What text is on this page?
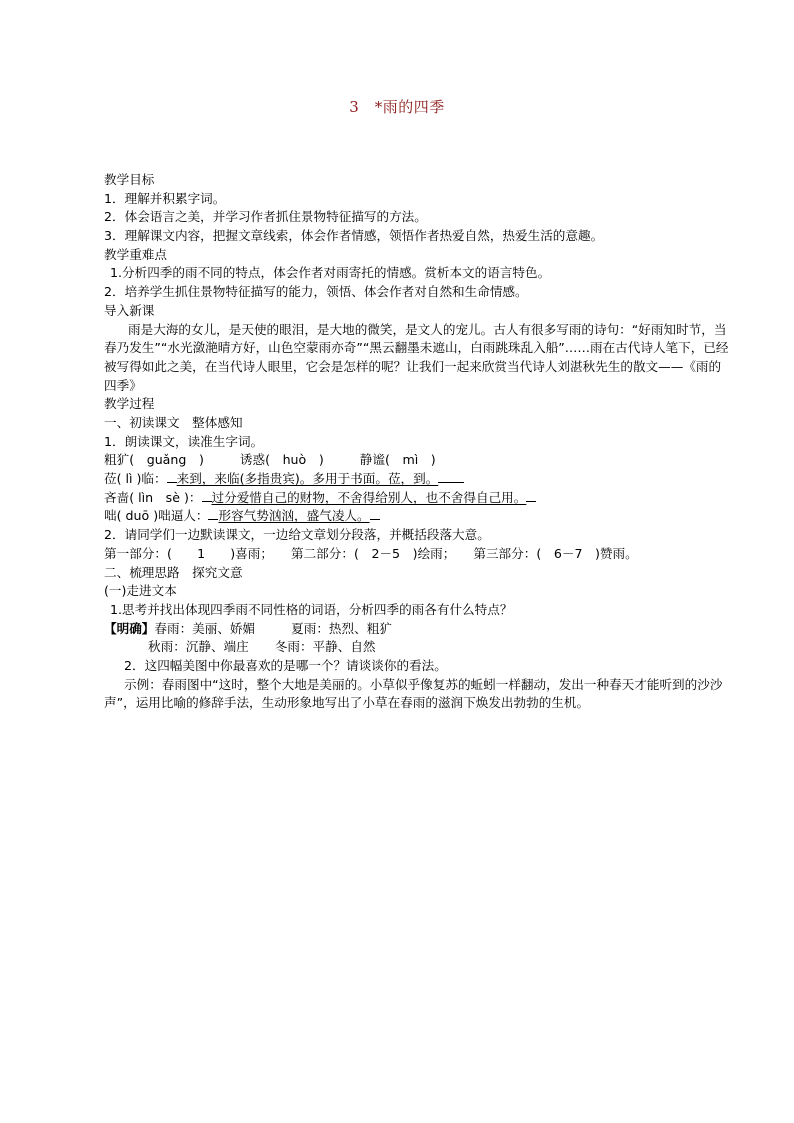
3　*雨的四季
教学目标
1．理解并积累字词。
2．体会语言之美，并学习作者抓住景物特征描写的方法。
3．理解课文内容，把握文章线索，体会作者情感，领悟作者热爱自然，热爱生活的意趣。
教学重难点
1.分析四季的雨不同的特点，体会作者对雨寄托的情感。赏析本文的语言特色。
2．培养学生抓住景物特征描写的能力，领悟、体会作者对自然和生命情感。
导入新课
雨是大海的女儿，是天使的眼泪，是大地的微笑，是文人的宠儿。古人有很多写雨的诗句：“好雨知时节，当春乃发生”“水光潋滟晴方好，山色空蒙雨亦奇”“黑云翻墨未遮山，白雨跳珠乱入船”……雨在古代诗人笔下，已经被写得如此之美，在当代诗人眼里，它会是怎样的呢？让我们一起来欣赏当代诗人刘湛秋先生的散文——《雨的四季》
教学过程
一、初读课文　整体感知
1．朗读课文，读准生字词。
粗犷(　guǎng　)	诱惑(　huò　)	静谧(　mì　)
莅( lì )临： 来到，来临(多指贵宾)。多用于书面。莅，到。
吝啬( lìn　sè )： 过分爱惜自己的财物，不舍得给别人，也不舍得自己用。
咄( duō )咄逼人： 形容气势汹汹，盛气凌人。
2．请同学们一边默读课文，一边给文章划分段落，并概括段落大意。
第一部分：(　　1　　)喜雨； 第二部分：(　2－5　)绘雨； 第三部分：(　6－7　)赞雨。
二、梳理思路　探究文意
(一)走进文本
1.思考并找出体现四季雨不同性格的词语，分析四季的雨各有什么特点？
【明确】春雨：美丽、娇媚	夏雨：热烈、粗犷
秋雨：沉静、端庄 冬雨：平静、自然
2．这四幅美图中你最喜欢的是哪一个？请谈谈你的看法。
示例：春雨图中“这时，整个大地是美丽的。小草似乎像复苏的蚯蚓一样翻动，发出一种春天才能听到的沙沙声”，运用比喻的修辞手法，生动形象地写出了小草在春雨的滋润下焕发出勃勃的生机。
